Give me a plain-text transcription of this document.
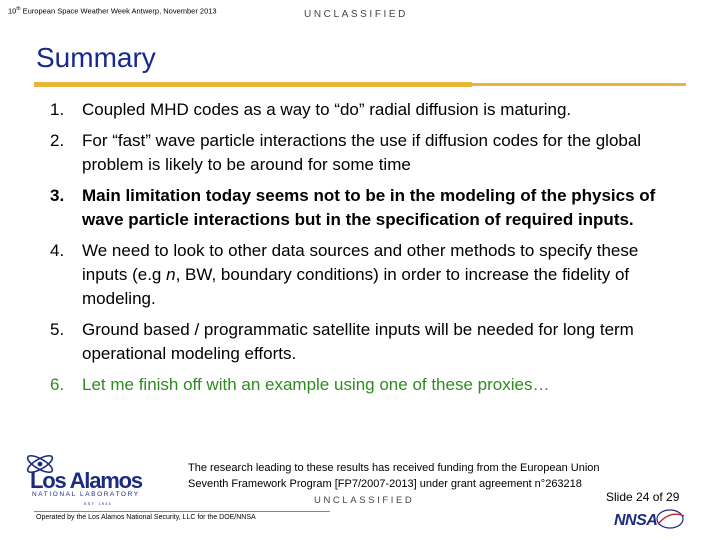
10th European Space Weather Week Antwerp, November 2013	UNCLASSIFIED
Summary
1. Coupled MHD codes as a way to “do” radial diffusion is maturing.
2. For “fast” wave particle interactions the use if diffusion codes for the global problem is likely to be around for some time
3. Main limitation today seems not to be in the modeling of the physics of wave particle interactions but in the specification of required inputs.
4. We need to look to other data sources and other methods to specify these inputs (e.g n, BW, boundary conditions) in order to increase the fidelity of modeling.
5. Ground based / programmatic satellite inputs will be needed for long term operational modeling efforts.
6. Let me finish off with an example using one of these proxies…
Los Alamos
NATIONAL LABORATORY
EST. 1943
The research leading to these results has received funding from the European Union
Seventh Framework Program [FP7/2007-2013] under grant agreement n°263218
UNCLASSIFIED	Slide 24 of 29
Operated by the Los Alamos National Security, LLC for the DOE/NNSA	NNSA
